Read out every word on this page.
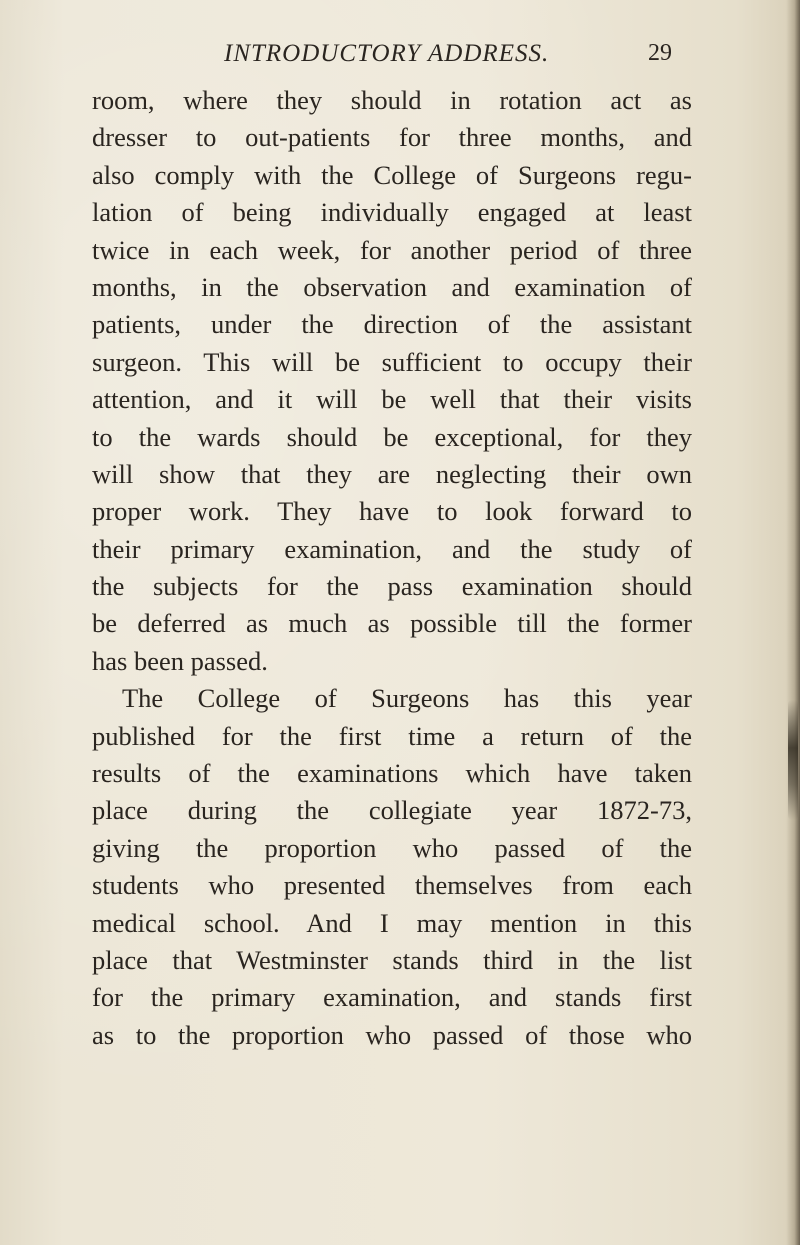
INTRODUCTORY ADDRESS.	29
room, where they should in rotation act as
dresser to out-patients for three months, and
also comply with the College of Surgeons regu-
lation of being individually engaged at least
twice in each week, for another period of three
months, in the observation and examination of
patients, under the direction of the assistant
surgeon. This will be sufficient to occupy their
attention, and it will be well that their visits
to the wards should be exceptional, for they
will show that they are neglecting their own
proper work. They have to look forward to
their primary examination, and the study of
the subjects for the pass examination should
be deferred as much as possible till the former
has been passed.
The College of Surgeons has this year
published for the first time a return of the
results of the examinations which have taken
place during the collegiate year 1872-73,
giving the proportion who passed of the
students who presented themselves from each
medical school. And I may mention in this
place that Westminster stands third in the list
for the primary examination, and stands first
as to the proportion who passed of those who
